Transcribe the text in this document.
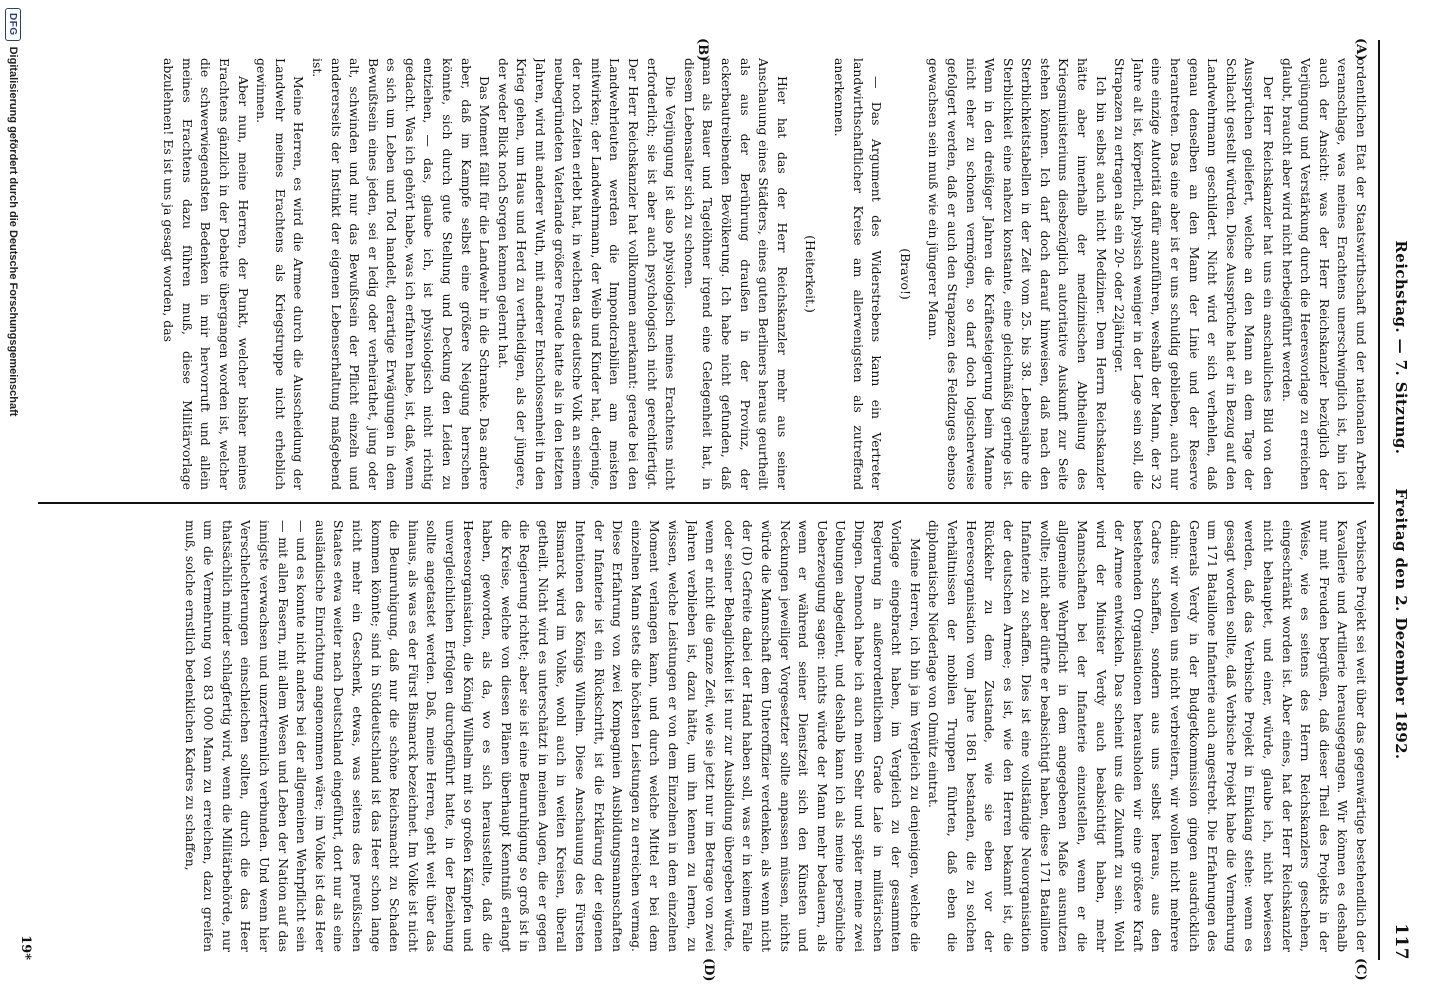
Reichstag. — 7. Sitzung.
Freitag den 2. Dezember 1892.
117
(A)
(B)
(C)
(D)

ordentlichen Etat der Staatswirthschaft und der nationalen Arbeit veranschlage, was meines Erachtens unerschwinglich ist, bin ich auch der Ansicht: was der Herr Reichskanzler bezüglich der Verjüngung und Verstärkung durch die Heeresvorlage zu erreichen glaubt, braucht aber wird nicht herbeigeführt werden.

Der Herr Reichskanzler hat uns ein anschauliches Bild von den Aussprüchen geliefert, welche an den Mann an dem Tage der Schlacht gestellt würden. Diese Aussprüche hat er in Bezug auf den Landwehrmann geschildert. Nicht wird er sich verhehlen, daß genau denselben an den Mann der Linie und der Reserve herantreten. Das eine aber ist er uns schuldig geblieben, auch nur eine einzige Autorität dafür anzuführen, weshalb der Mann, der 32 Jahre alt ist, körperlich, physisch weniger in der Lage sein soll, die Strapazen zu ertragen als ein 20- oder 22jähriger.

Ich bin selbst auch nicht Mediziner. Dem Herrn Reichskanzler hätte aber innerhalb der medizinischen Abtheilung des Kriegsministeriums diesbezüglich autoritative Auskunft zur Seite stehen können. Ich darf doch darauf hinweisen, daß nach den Sterblichkeitstabellen in der Zeit vom 25. bis 38. Lebensjahre die Sterblichkeit eine nahezu konstante, eine gleichmäßig geringe ist. Wenn in den dreißiger Jahren die Kräftesteigerung beim Manne nicht eher zu schonen vermögen, so darf doch logischerweise gefolgert werden, daß er auch den Strapazen des Feldzuges ebenso gewachsen sein muß wie ein jüngerer Mann.

(Bravo!)

— Das Argument des Widerstrebens kann ein Vertreter landwirthschaftlicher Kreise am allerwenigsten als zutreffend anerkennen.

(Heiterkeit.)

Hier hat das der Herr Reichskanzler mehr aus seiner Anschauung eines Städters, eines guten Berliners heraus geurtheilt als aus der Berührung draußen in der Provinz, der ackerbautreibenden Bevölkerung. Ich habe nicht gefunden, daß man als Bauer und Tagelöhner irgend eine Gelegenheit hat, in diesem Lebensalter sich zu schonen.

Die Verjüngung ist also physiologisch meines Erachtens nicht erforderlich; sie ist aber auch psychologisch nicht gerechtfertigt. Der Herr Reichskanzler hat vollkommen anerkannt: gerade bei den Landwehrleuten werden die Impondcrabilien am meisten mitwirken; der Landwehrmann, der Weib und Kinder hat, derjenige, der noch Zeiten erlebt hat, in welchen das deutsche Volk an seinem neubegründeten Vaterlande größere Freude hatte als in den letzten Jahren, wird mit anderer Wuth, mit anderer Entschlossenheit in den Krieg gehen, um Haus und Herd zu vertheidigen, als der jüngere, der weder Blick noch Sorgen kennen gelernt hat.

Das Moment fällt für die Landwehr in die Schranke. Das andere aber, daß im Kampfe selbst eine größere Neigung herrschen könnte, sich durch gute Stellung und Deckung den Leiden zu entziehen, — das, glaube ich, ist physiologisch nicht richtig gedacht. Was ich gehört habe, was ich erfahren habe, ist, daß, wenn es sich um Leben und Tod handelt, derartige Erwägungen in dem Bewußtsein eines jeden, sei er ledig oder verheirathet, jung oder alt, schwinden und nur das Bewußtsein der Pflicht einzeln und andererseits der Instinkt der eigenen Lebenserhaltung maßgebend ist.

Meine Herren, es wird die Armee durch die Ausscheidung der Landwehr meines Erachtens als Kriegstruppe nicht erheblich gewinnen.

Aber nun, meine Herren, der Punkt, welcher bisher meines Erachtens gänzlich in der Debatte übergangen worden ist, welcher die schwerwiegendsten Bedenken in mir hervorruft und allein meines Erachtens dazu führen muß, diese Militärvorlage abzulehnen! Es ist uns ja gesagt worden, das

Verbische Projekt sei weit über das gegenwärtige bestehendlich der Kavallerie und Artillerie herausgegangen. Wir können es deshalb nur mit Freuden begrüßen, daß dieser Theil des Projekts in der Weise, wie es seitens des Herrn Reichskanzlers geschehen, eingeschränkt worden ist. Aber eines, hat der Herr Reichskanzler nicht behauptet, und einer, würde, glaube ich, nicht bewiesen werden, daß das Verbische Projekt in Einklang stehe: wenn es gesagt worden sollte, daß Verbische Projekt habe die Vermehrung um 171 Bataillone Infanterie auch angestrebt. Die Erfahrungen des Generals Verdy in der Budgetkommission gingen ausdrücklich dahin: wir wollen uns nicht verbreitern, wir wollen nicht mehrere Cadres schaffen, sondern aus uns selbst heraus, aus den bestehenden Organisationen herausholen wir eine größere Kraft der Armee entwickeln. Das scheint uns die Zukunft zu sein. Wohl wird der Minister Verdy auch beabsichtigt haben, mehr Mannschaften bei der Infanterie einzustellen, wenn er die allgemeine Wehrpflicht in dem angegebenen Maße ausnutzen wollte; nicht aber dürfte er beabsichtigt haben, diese 171 Bataillone Infanterie zu schaffen. Dies ist eine vollständige Neuorganisation der deutschen Armee; es ist, wie den Herren bekannt ist, die Rückkehr zu dem Zustande, wie sie eben vor der Heeresorganisation vom Jahre 1861 bestanden, die zu solchen Verhältnissen der mobilen Truppen führten, daß eben die diplomatische Niederlage von Olmütz eintrat.

Meine Herren, ich bin ja im Vergleich zu denjenigen, welche die Vorlage eingebracht haben, im Vergleich zu der gesammten Regierung in außerordentlichem Grade Laie in militärischen Dingen. Dennoch habe ich auch mein Sehr und später meine zwei Uebungen abgedient, und deshalb kann ich als meine persönliche Ueberzeugung sagen: nichts würde der Mann mehr bedauern, als wenn er während seiner Dienstzeit sich den Künsten und Neckungen jeweiliger Vorgesetzter sollte anpassen müssen, nichts würde die Mannschaft dem Unteroffizier verdenken, als wenn nicht der (D) Gefreite dabei der Hand haben soll, was er in keinem Falle oder seiner Behaglichkeit ist nur zur Ausbildung übergeben würde, wenn er nicht die ganze Zeit, wie sie jetzt nur im Betrage von zwei Jahren verblieben ist, dazu hätte, um ihn kennen zu lernen, zu wissen, welche Leistungen er von dem Einzelnen in dem einzelnen Moment verlangen kann, und durch welche Mittel er bei dem einzelnen Mann stets die höchsten Leistungen zu erreichen vermag. Diese Erfahrung von zwei Kompagnien Ausbildungsmannschaften der Infanterie ist ein Rückschritt, ist die Erklärung der eigenen Intentionen des Königs Wilhelm. Diese Anschauung des Fürsten Bismarck wird im Volke, wohl auch in weiten Kreisen, überall getheilt. Nicht wird es unterschätzt in meinen Augen, die er gegen die Regierung richtet; aber sie ist eine Beunruhigung so groß ist in die Kreise, welche von diesen Plänen überhaupt Kenntniß erlangt haben, geworden, als da, wo es sich herausstellte, daß die Heeresorganisation, die König Wilhelm mit so großen Kämpfen und unvergleichlichen Erfolgen durchgeführt hatte, in der Beziehung sollte angetastet werden. Daß, meine Herren, geht weit über das hinaus, als was es der Fürst Bismarck bezeichnet. Im Volke ist nicht die Beunruhigung, daß nur die schöne Reichsmacht zu Schaden kommen könnte; sind in Süddeutschland ist das Heer schon lange nicht mehr ein Geschenk, etwas, was seitens des preußischen Staates etwa weiter nach Deutschland eingeführt, dort nur als eine ausländische Einrichtung angenommen wäre; im Volke ist das Heer — und es konnte nicht anders bei der allgemeinen Wehrpflicht sein — mit allen Fasern, mit allem Wesen und Leben der Nation auf das innigste verwachsen und unzertrennlich verbunden. Und wenn hier Verschlechterungen einschleichen sollten, durch die das Heer thatsächlich minder schlagfertig wird, wenn die Militärbehörde, nur um die Vermehrung von 83 000 Mann zu erreichen, dazu greifen muß, solche ernstlich bedenklichen Kadres zu schaffen,

19*
DFG
Digitalisierung gefördert durch die Deutsche Forschungsgemeinschaft
